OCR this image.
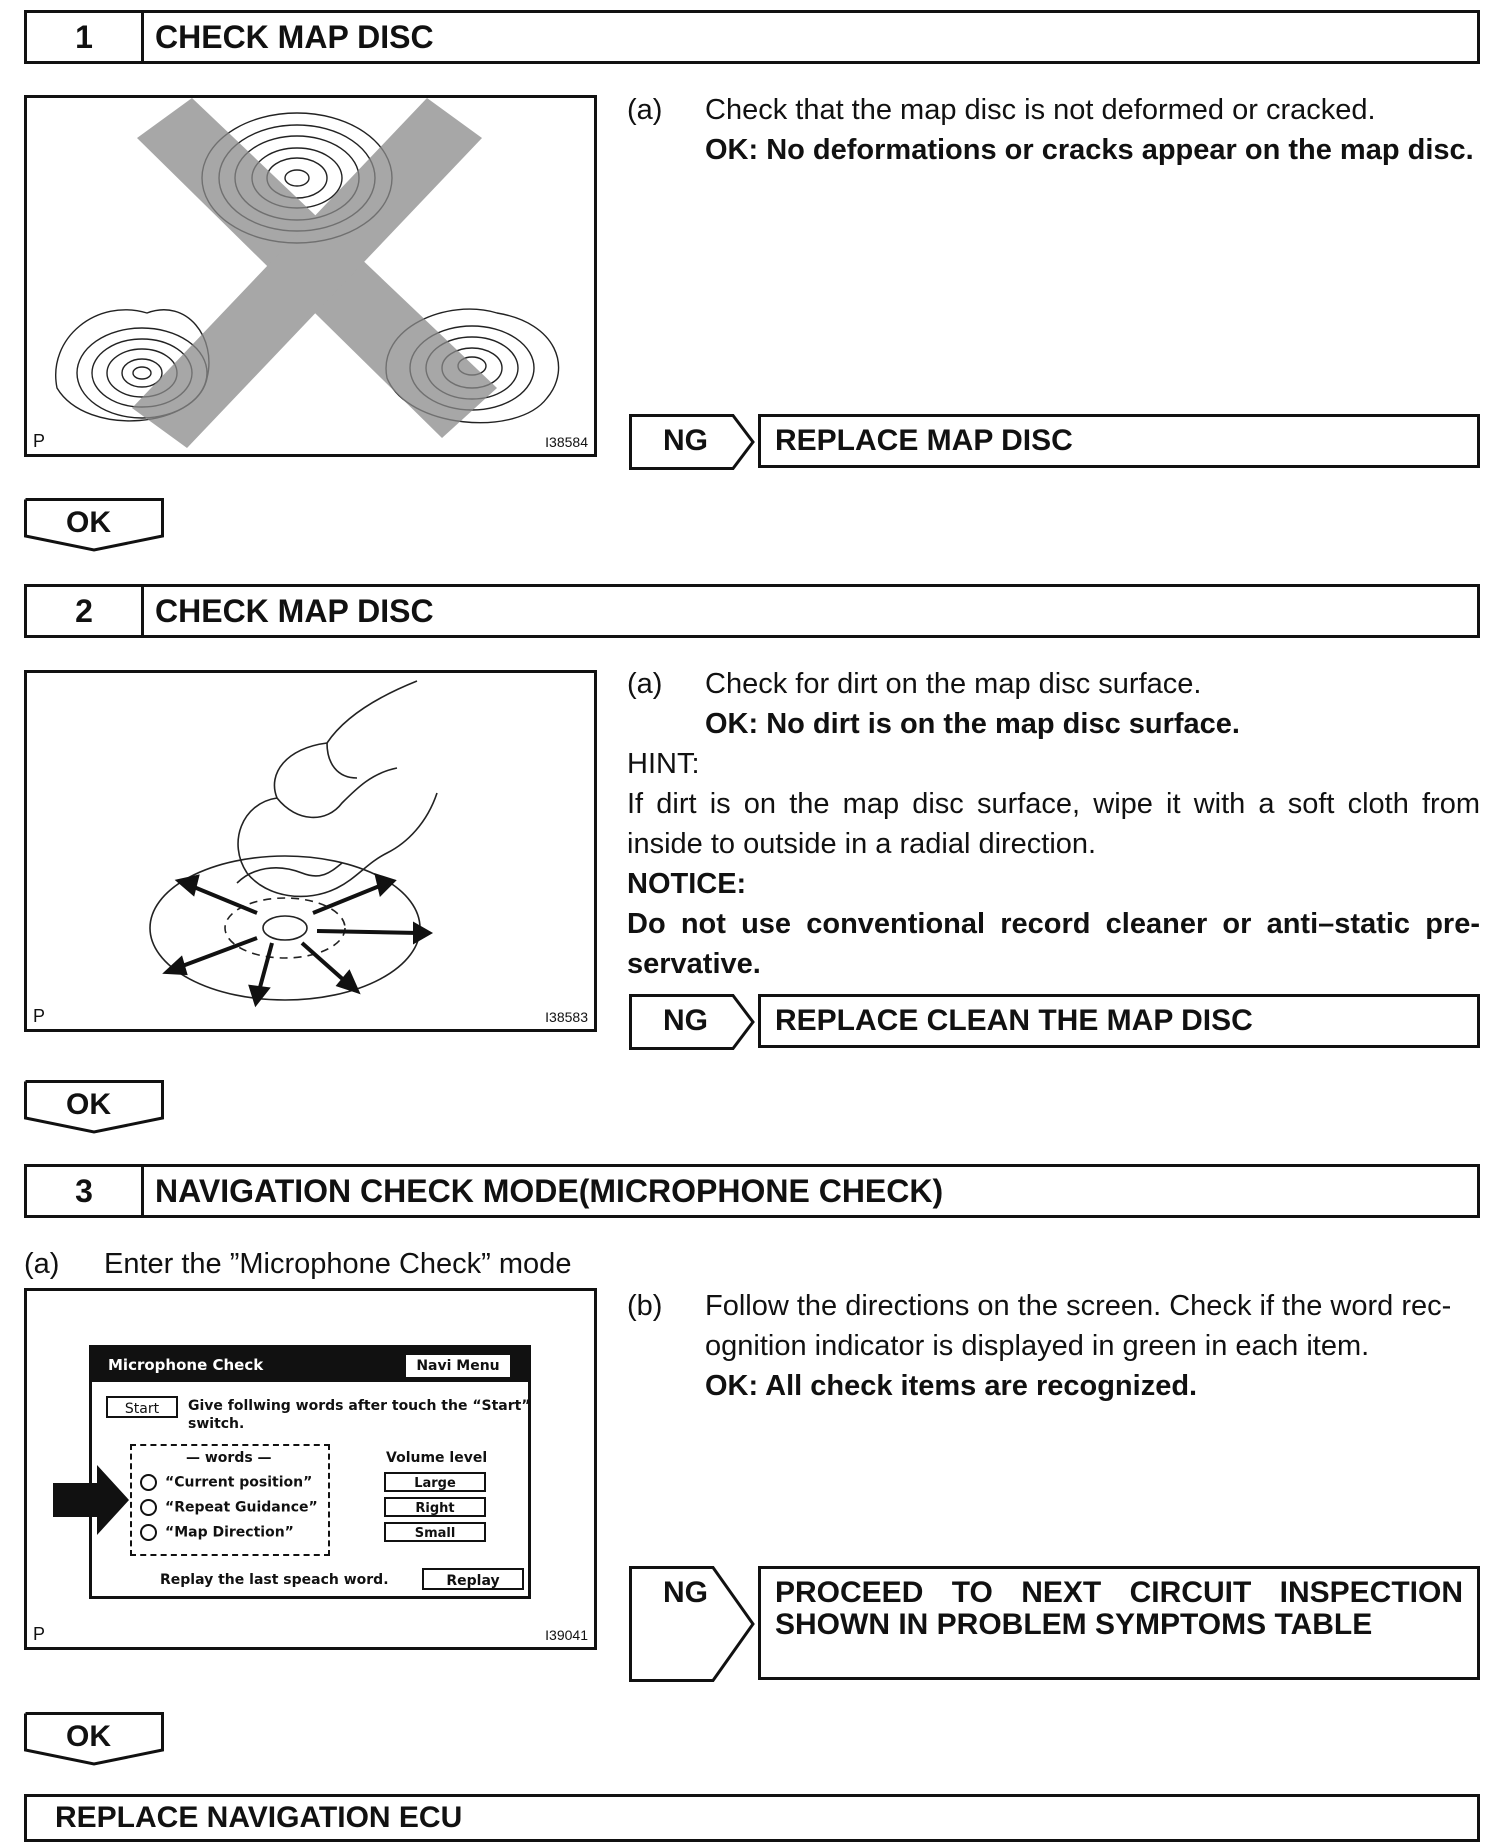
1	CHECK MAP DISC
P	I38584
(a) Check that the map disc is not deformed or cracked.
OK: No deformations or cracks appear on the map disc.
NG	REPLACE MAP DISC
OK
2	CHECK MAP DISC
P	I38583
(a) Check for dirt on the map disc surface.
OK: No dirt is on the map disc surface.
HINT:
If dirt is on the map disc surface, wipe it with a soft cloth from inside to outside in a radial direction.
NOTICE:
Do not use conventional record cleaner or anti–static pre-servative.
NG	REPLACE CLEAN THE MAP DISC
OK
3	NAVIGATION CHECK MODE(MICROPHONE CHECK)
(a) Enter the ”Microphone Check” mode
Microphone Check	Navi Menu
Start	Give follwing words after touch the “Start”
switch.
— words —
“Current position”
“Repeat Guidance”
“Map Direction”
Volume level
Large
Right
Small
Replay the last speach word.	Replay
P	I39041
(b) Follow the directions on the screen. Check if the word rec-ognition indicator is displayed in green in each item.
OK: All check items are recognized.
NG PROCEED TO NEXT CIRCUIT INSPECTION
SHOWN IN PROBLEM SYMPTOMS TABLE
OK
REPLACE NAVIGATION ECU
